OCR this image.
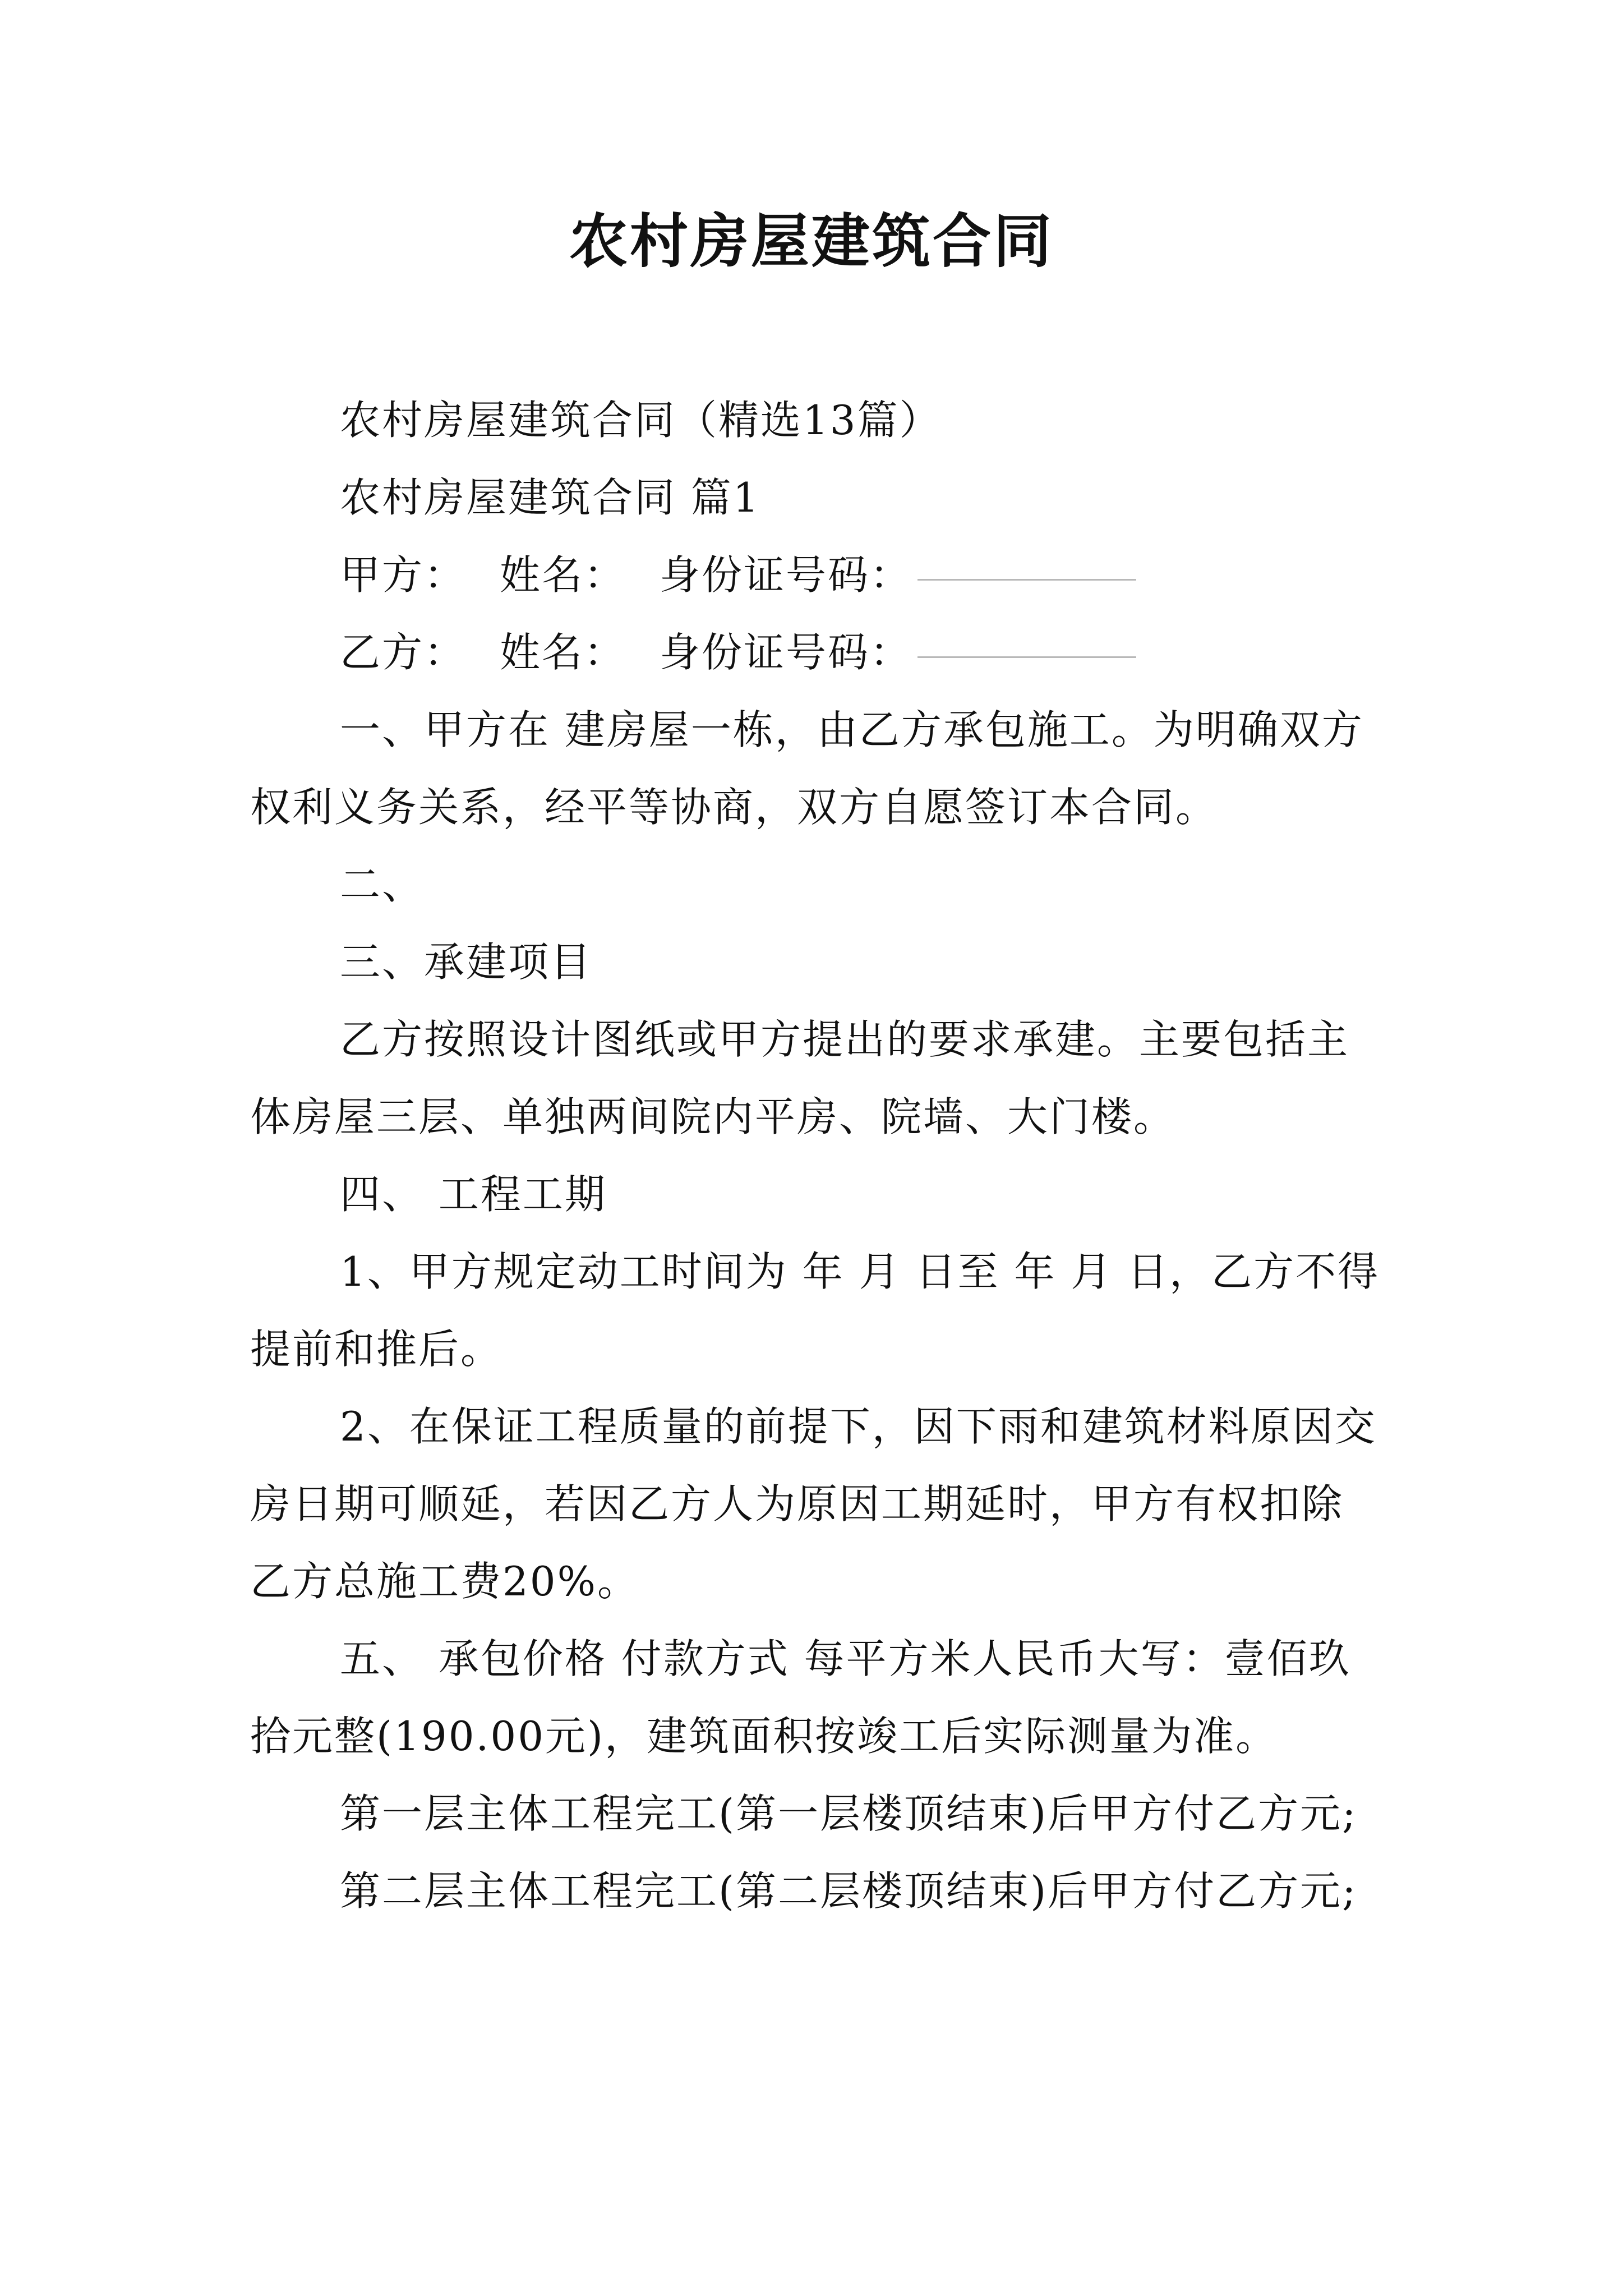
农村房屋建筑合同

农村房屋建筑合同（精选13篇）

农村房屋建筑合同 篇1

甲方： 姓名： 身份证号码：

乙方： 姓名： 身份证号码：

一、甲方在 建房屋一栋，由乙方承包施工。为明确双方权利义务关系，经平等协商，双方自愿签订本合同。

二、

三、承建项目

乙方按照设计图纸或甲方提出的要求承建。主要包括主体房屋三层、单独两间院内平房、院墙、大门楼。

四、 工程工期

1、甲方规定动工时间为 年 月 日至 年 月 日，乙方不得提前和推后。

2、在保证工程质量的前提下，因下雨和建筑材料原因交房日期可顺延，若因乙方人为原因工期延时，甲方有权扣除乙方总施工费20%。

五、 承包价格 付款方式 每平方米人民币大写：壹佰玖拾元整(190.00元)，建筑面积按竣工后实际测量为准。

第一层主体工程完工(第一层楼顶结束)后甲方付乙方元;

第二层主体工程完工(第二层楼顶结束)后甲方付乙方元;
